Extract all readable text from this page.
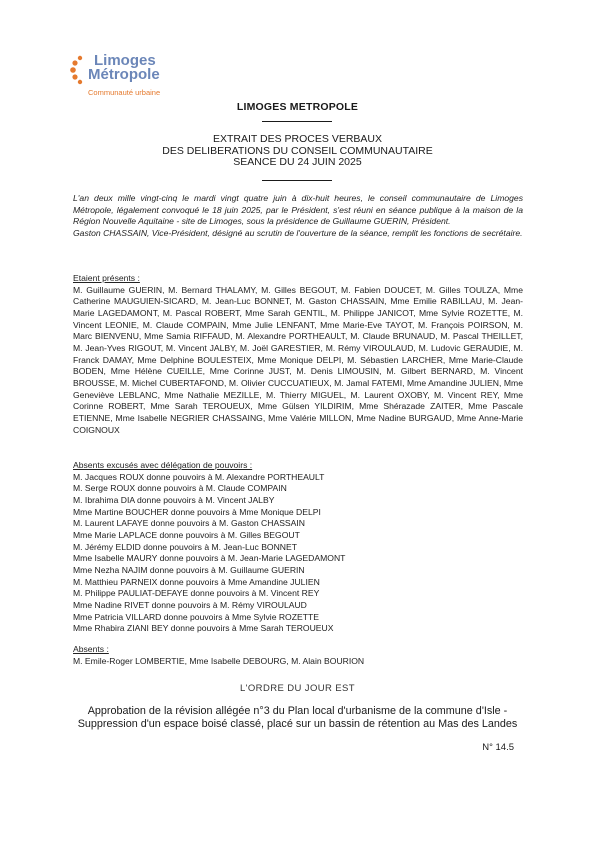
Limoges
Métropole
Communauté urbaine
LIMOGES METROPOLE
EXTRAIT DES PROCES VERBAUX
DES DELIBERATIONS DU CONSEIL COMMUNAUTAIRE
SEANCE DU 24 JUIN 2025
L'an deux mille vingt-cinq le mardi vingt quatre juin à dix-huit heures, le conseil communautaire de Limoges Métropole, légalement convoqué le 18 juin 2025, par le Président, s'est réuni en séance publique à la maison de la Région Nouvelle Aquitaine - site de Limoges, sous la présidence de Guillaume GUERIN, Président.
Gaston CHASSAIN, Vice-Président, désigné au scrutin de l'ouverture de la séance, remplit les fonctions de secrétaire.
Etaient présents :
M. Guillaume GUERIN, M. Bernard THALAMY, M. Gilles BEGOUT, M. Fabien DOUCET, M. Gilles TOULZA, Mme Catherine MAUGUIEN-SICARD, M. Jean-Luc BONNET, M. Gaston CHASSAIN, Mme Emilie RABILLAU, M. Jean-Marie LAGEDAMONT, M. Pascal ROBERT, Mme Sarah GENTIL, M. Philippe JANICOT, Mme Sylvie ROZETTE, M. Vincent LEONIE, M. Claude COMPAIN, Mme Julie LENFANT, Mme Marie-Eve TAYOT, M. François POIRSON, M. Marc BIENVENU, Mme Samia RIFFAUD, M. Alexandre PORTHEAULT, M. Claude BRUNAUD, M. Pascal THEILLET, M. Jean-Yves RIGOUT, M. Vincent JALBY, M. Joël GARESTIER, M. Rémy VIROULAUD, M. Ludovic GERAUDIE, M. Franck DAMAY, Mme Delphine BOULESTEIX, Mme Monique DELPI, M. Sébastien LARCHER, Mme Marie-Claude BODEN, Mme Hélène CUEILLE, Mme Corinne JUST, M. Denis LIMOUSIN, M. Gilbert BERNARD, M. Vincent BROUSSE, M. Michel CUBERTAFOND, M. Olivier CUCCUATIEUX, M. Jamal FATEMI, Mme Amandine JULIEN, Mme Geneviève LEBLANC, Mme Nathalie MEZILLE, M. Thierry MIGUEL, M. Laurent OXOBY, M. Vincent REY, Mme Corinne ROBERT, Mme Sarah TEROUEUX, Mme Gülsen YILDIRIM, Mme Shérazade ZAITER, Mme Pascale ETIENNE, Mme Isabelle NEGRIER CHASSAING, Mme Valérie MILLON, Mme Nadine BURGAUD, Mme Anne-Marie COIGNOUX
Absents excusés avec délégation de pouvoirs :
M. Jacques ROUX donne pouvoirs à M. Alexandre PORTHEAULT
M. Serge ROUX donne pouvoirs à M. Claude COMPAIN
M. Ibrahima DIA donne pouvoirs à M. Vincent JALBY
Mme Martine BOUCHER donne pouvoirs à Mme Monique DELPI
M. Laurent LAFAYE donne pouvoirs à M. Gaston CHASSAIN
Mme Marie LAPLACE donne pouvoirs à M. Gilles BEGOUT
M. Jérémy ELDID donne pouvoirs à M. Jean-Luc BONNET
Mme Isabelle MAURY donne pouvoirs à M. Jean-Marie LAGEDAMONT
Mme Nezha NAJIM donne pouvoirs à M. Guillaume GUERIN
M. Matthieu PARNEIX donne pouvoirs à Mme Amandine JULIEN
M. Philippe PAULIAT-DEFAYE donne pouvoirs à M. Vincent REY
Mme Nadine RIVET donne pouvoirs à M. Rémy VIROULAUD
Mme Patricia VILLARD donne pouvoirs à Mme Sylvie ROZETTE
Mme Rhabira ZIANI BEY donne pouvoirs à Mme Sarah TEROUEUX
Absents :
M. Emile-Roger LOMBERTIE, Mme Isabelle DEBOURG, M. Alain BOURION
L'ORDRE DU JOUR EST
Approbation de la révision allégée n°3 du Plan local d'urbanisme de la commune d'Isle - Suppression d'un espace boisé classé, placé sur un bassin de rétention au Mas des Landes
N° 14.5
